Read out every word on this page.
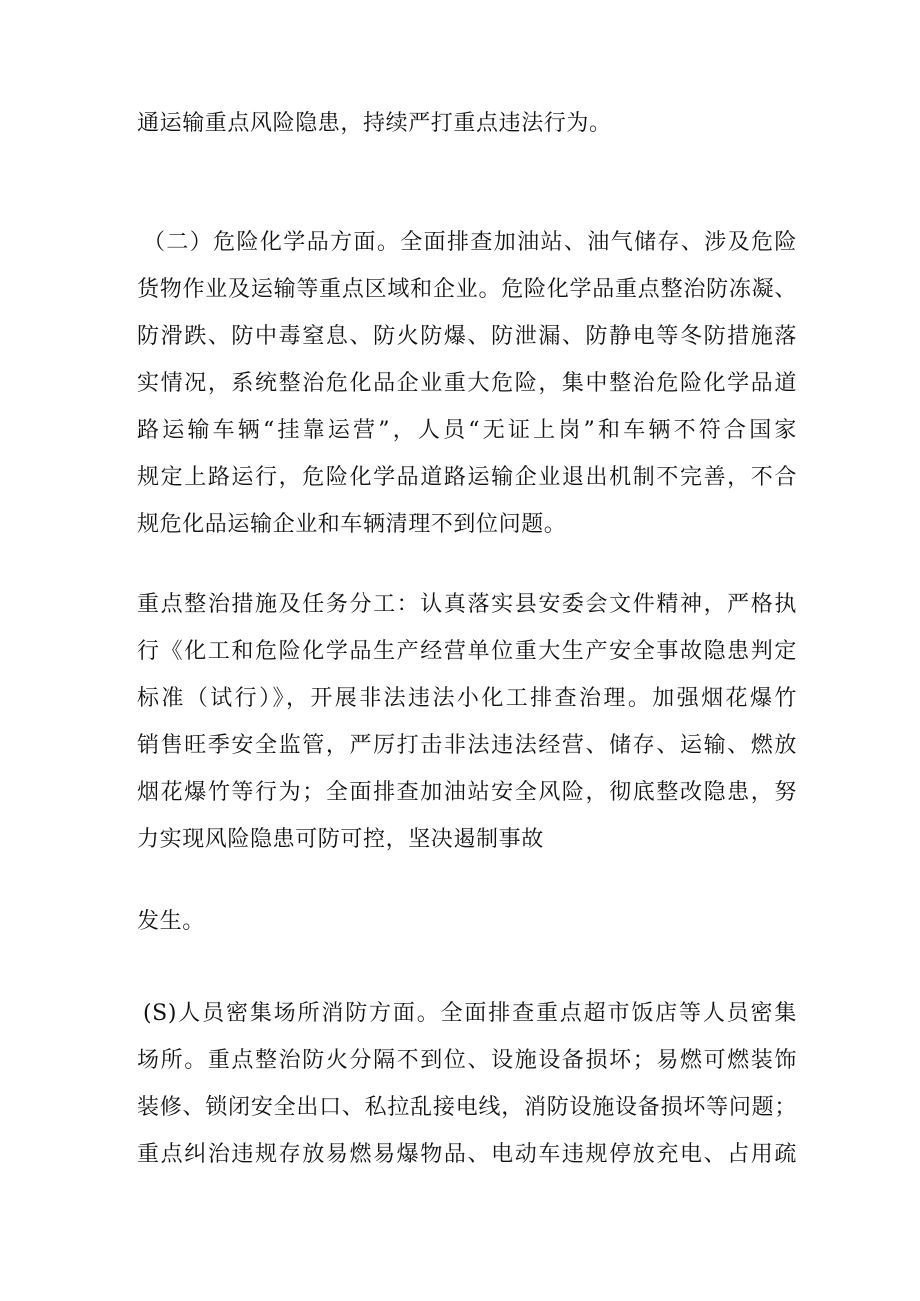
通运输重点风险隐患，持续严打重点违法行为。
（二）危险化学品方面。全面排查加油站、油气储存、涉及危险
货物作业及运输等重点区域和企业。危险化学品重点整治防冻凝、
防滑跌、防中毒窒息、防火防爆、防泄漏、防静电等冬防措施落
实情况，系统整治危化品企业重大危险，集中整治危险化学品道
路运输车辆“挂靠运营”，人员“无证上岗”和车辆不符合国家
规定上路运行，危险化学品道路运输企业退出机制不完善，不合
规危化品运输企业和车辆清理不到位问题。
重点整治措施及任务分工：认真落实县安委会文件精神，严格执
行《化工和危险化学品生产经营单位重大生产安全事故隐患判定
标准（试行）》，开展非法违法小化工排查治理。加强烟花爆竹
销售旺季安全监管，严厉打击非法违法经营、储存、运输、燃放
烟花爆竹等行为；全面排查加油站安全风险，彻底整改隐患，努
力实现风险隐患可防可控，坚决遏制事故
发生。
(S)人员密集场所消防方面。全面排查重点超市饭店等人员密集
场所。重点整治防火分隔不到位、设施设备损坏；易燃可燃装饰
装修、锁闭安全出口、私拉乱接电线，消防设施设备损坏等问题；
重点纠治违规存放易燃易爆物品、电动车违规停放充电、占用疏
